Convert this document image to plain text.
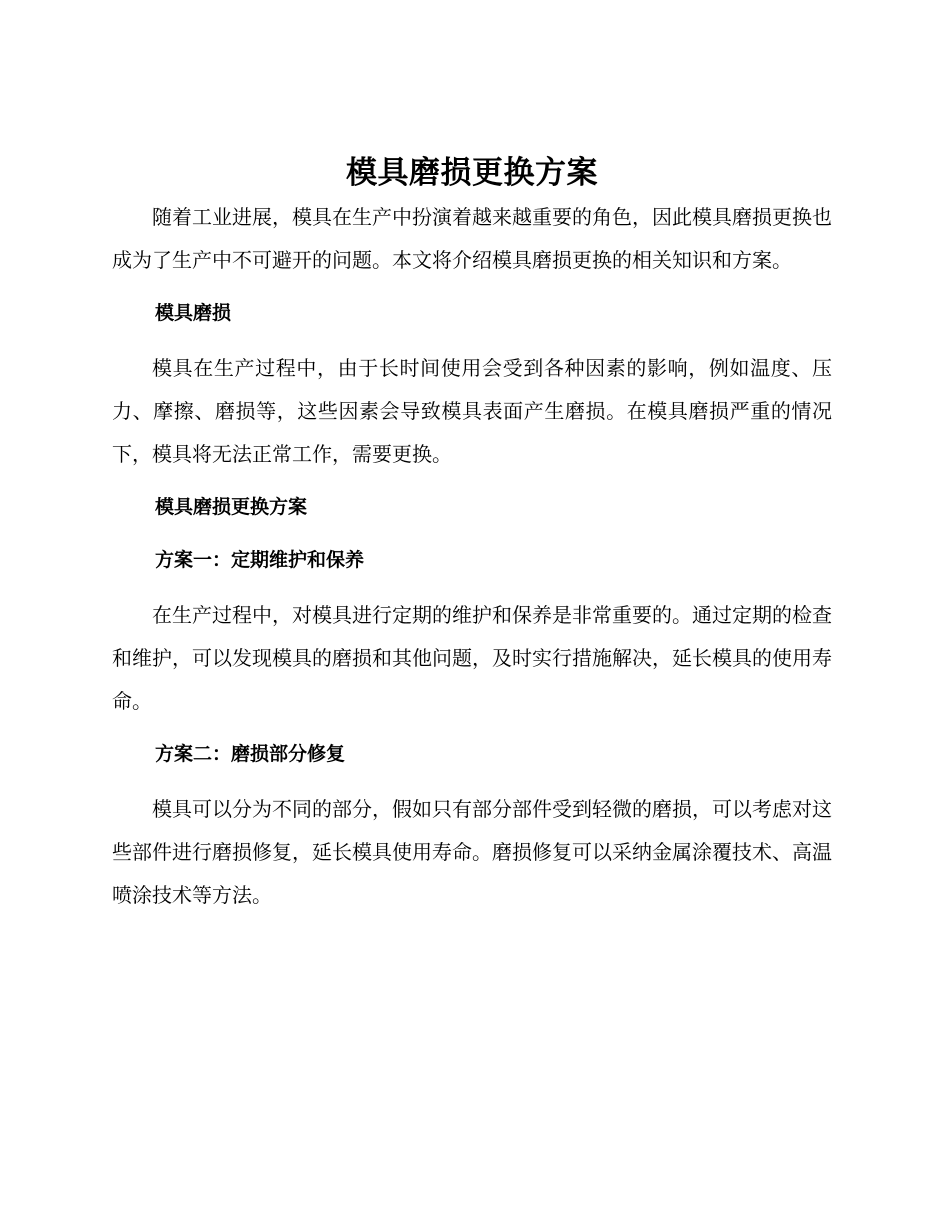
模具磨损更换方案

随着工业进展，模具在生产中扮演着越来越重要的角色，因此模具磨损更换也成为了生产中不可避开的问题。本文将介绍模具磨损更换的相关知识和方案。

模具磨损

模具在生产过程中，由于长时间使用会受到各种因素的影响，例如温度、压力、摩擦、磨损等，这些因素会导致模具表面产生磨损。在模具磨损严重的情况下，模具将无法正常工作，需要更换。

模具磨损更换方案
方案一：定期维护和保养

在生产过程中，对模具进行定期的维护和保养是非常重要的。通过定期的检查和维护，可以发现模具的磨损和其他问题，及时实行措施解决，延长模具的使用寿命。

方案二：磨损部分修复

模具可以分为不同的部分，假如只有部分部件受到轻微的磨损，可以考虑对这些部件进行磨损修复，延长模具使用寿命。磨损修复可以采纳金属涂覆技术、高温喷涂技术等方法。
